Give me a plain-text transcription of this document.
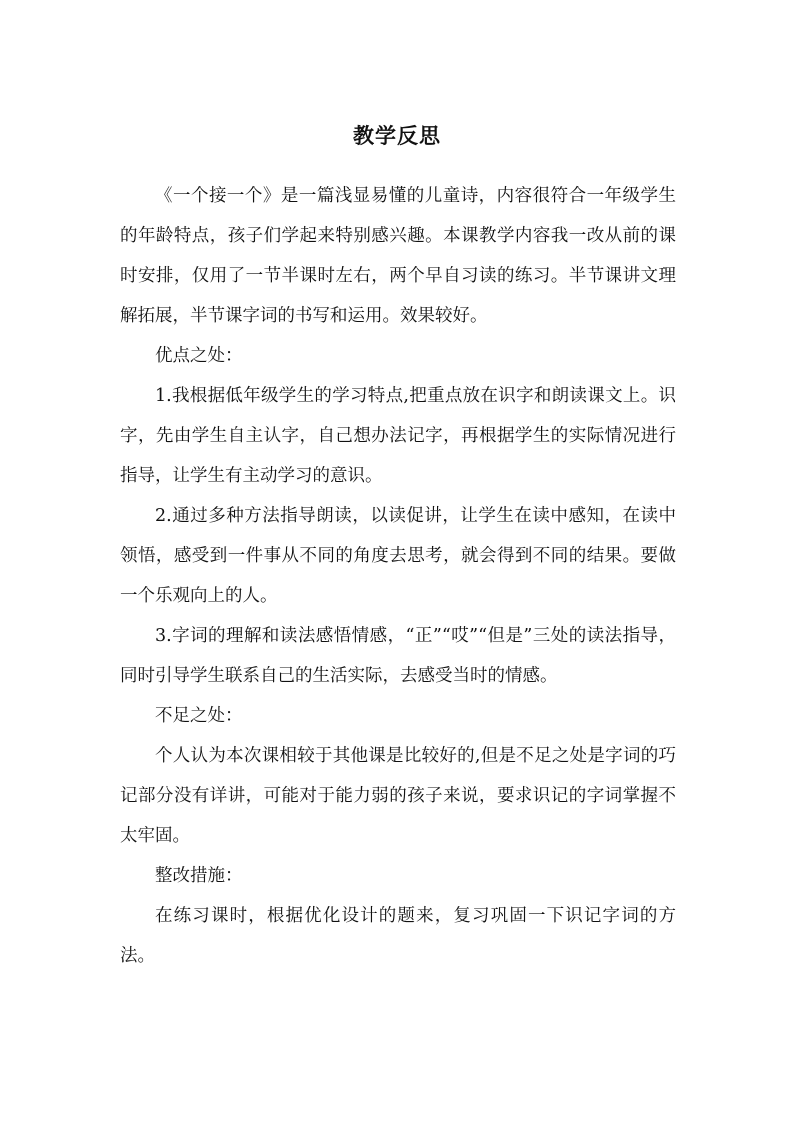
教学反思

《一个接一个》是一篇浅显易懂的儿童诗，内容很符合一年级学生的年龄特点，孩子们学起来特别感兴趣。本课教学内容我一改从前的课时安排，仅用了一节半课时左右，两个早自习读的练习。半节课讲文理解拓展，半节课字词的书写和运用。效果较好。

优点之处：

1.我根据低年级学生的学习特点,把重点放在识字和朗读课文上。识字，先由学生自主认字，自己想办法记字，再根据学生的实际情况进行指导，让学生有主动学习的意识。

2.通过多种方法指导朗读，以读促讲，让学生在读中感知，在读中领悟，感受到一件事从不同的角度去思考，就会得到不同的结果。要做一个乐观向上的人。

3.字词的理解和读法感悟情感，“正”“哎”“但是”三处的读法指导，同时引导学生联系自己的生活实际，去感受当时的情感。

不足之处：

个人认为本次课相较于其他课是比较好的,但是不足之处是字词的巧记部分没有详讲，可能对于能力弱的孩子来说，要求识记的字词掌握不太牢固。

整改措施：

在练习课时，根据优化设计的题来，复习巩固一下识记字词的方法。
